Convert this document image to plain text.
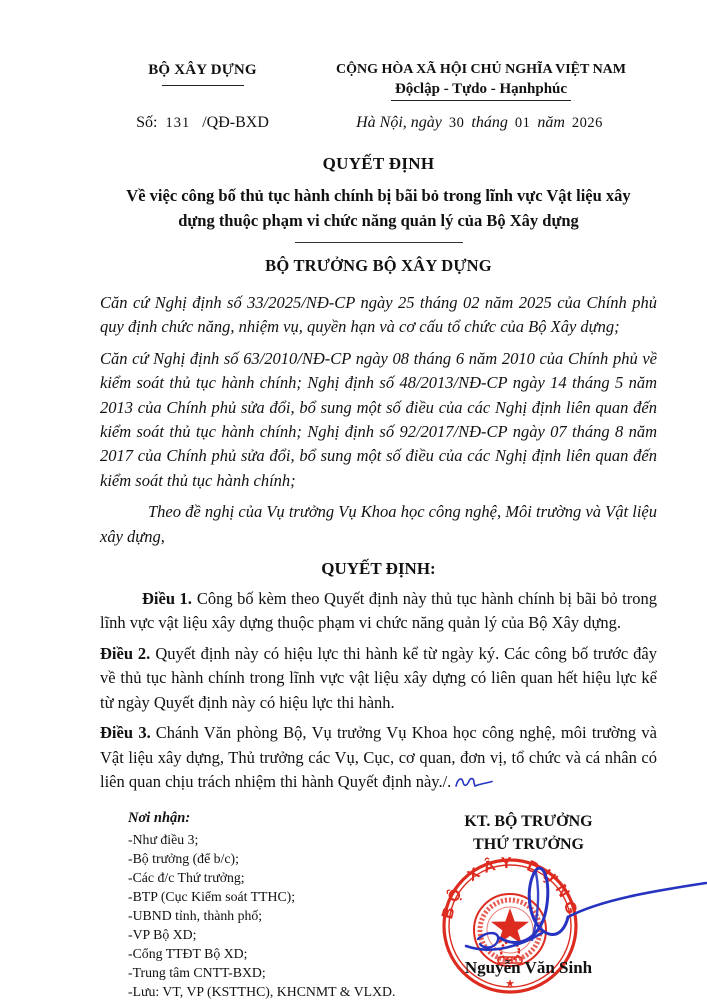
BỘ XÂY DỰNG	CỘNG HÒA XÃ HỘI CHỦ NGHĨA VIỆT NAM
Độclập - Tựdo - Hạnhphúc
Số: 131 /QĐ-BXD	Hà Nội, ngày 30 tháng 01 năm 2026
QUYẾT ĐỊNH
Về việc công bố thủ tục hành chính bị bãi bỏ trong lĩnh vực Vật liệu xây dựng thuộc phạm vi chức năng quản lý của Bộ Xây dựng
BỘ TRƯỞNG BỘ XÂY DỰNG

Căn cứ Nghị định số 33/2025/NĐ-CP ngày 25 tháng 02 năm 2025 của Chính phủ quy định chức năng, nhiệm vụ, quyền hạn và cơ cấu tổ chức của Bộ Xây dựng;

Căn cứ Nghị định số 63/2010/NĐ-CP ngày 08 tháng 6 năm 2010 của Chính phủ về kiểm soát thủ tục hành chính; Nghị định số 48/2013/NĐ-CP ngày 14 tháng 5 năm 2013 của Chính phủ sửa đổi, bổ sung một số điều của các Nghị định liên quan đến kiểm soát thủ tục hành chính; Nghị định số 92/2017/NĐ-CP ngày 07 tháng 8 năm 2017 của Chính phủ sửa đổi, bổ sung một số điều của các Nghị định liên quan đến kiểm soát thủ tục hành chính;

Theo đề nghị của Vụ trưởng Vụ Khoa học công nghệ, Môi trường và Vật liệu xây dựng,

QUYẾT ĐỊNH:

Điều 1. Công bố kèm theo Quyết định này thủ tục hành chính bị bãi bỏ trong lĩnh vực vật liệu xây dựng thuộc phạm vi chức năng quản lý của Bộ Xây dựng.

Điều 2. Quyết định này có hiệu lực thi hành kể từ ngày ký. Các công bố trước đây về thủ tục hành chính trong lĩnh vực vật liệu xây dựng có liên quan hết hiệu lực kể từ ngày Quyết định này có hiệu lực thi hành.

Điều 3. Chánh Văn phòng Bộ, Vụ trưởng Vụ Khoa học công nghệ, môi trường và Vật liệu xây dựng, Thủ trưởng các Vụ, Cục, cơ quan, đơn vị, tổ chức và cá nhân có liên quan chịu trách nhiệm thi hành Quyết định này./.

Nơi nhận:
-Như điều 3;
-Bộ trưởng (để b/c);
-Các đ/c Thứ trưởng;
-BTP (Cục Kiểm soát TTHC);
-UBND tỉnh, thành phố;
-VP Bộ XD;
-Cổng TTĐT Bộ XD;
-Trung tâm CNTT-BXD;
-Lưu: VT, VP (KSTTHC), KHCNMT & VLXD.
KT. BỘ TRƯỞNG
THỨ TRƯỞNG
BỘ XÂY DỰNG
★
Nguyễn Văn Sinh
